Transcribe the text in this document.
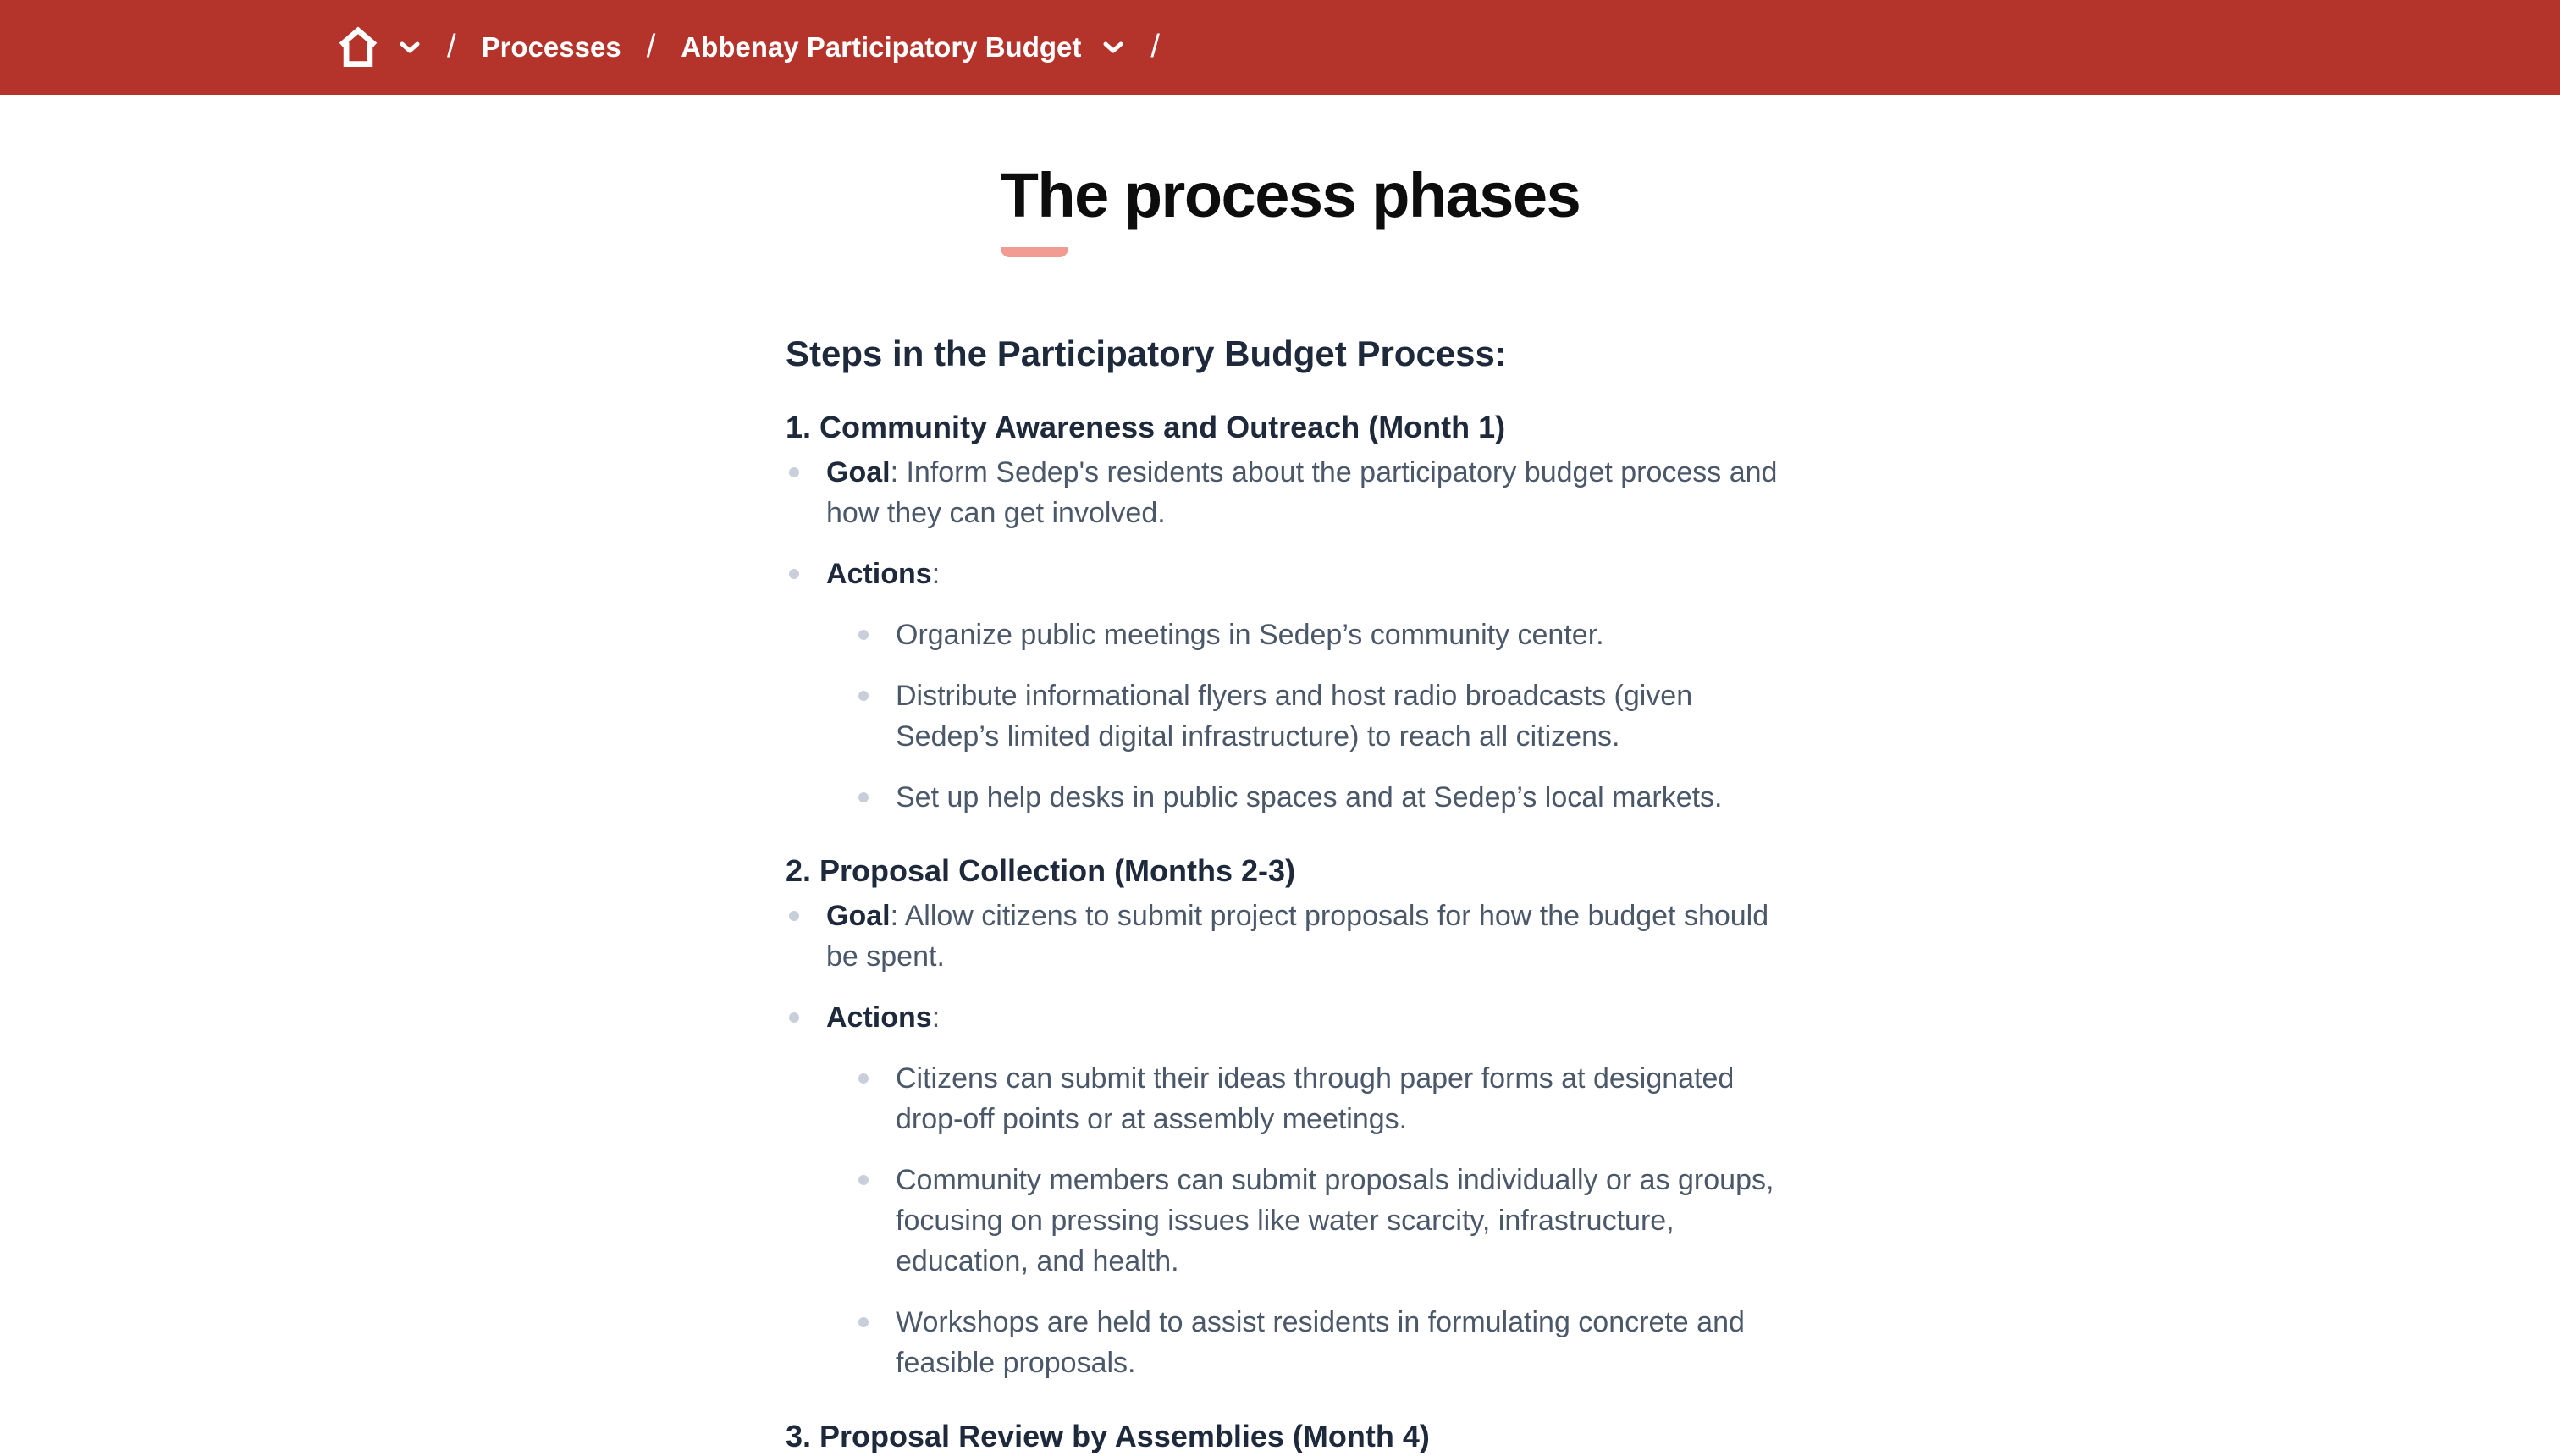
/ Processes / Abbenay Participatory Budget /
The process phases
Steps in the Participatory Budget Process:
1. Community Awareness and Outreach (Month 1)
Goal: Inform Sedep's residents about the participatory budget process and how they can get involved.
Actions:
Organize public meetings in Sedep’s community center.
Distribute informational flyers and host radio broadcasts (given Sedep’s limited digital infrastructure) to reach all citizens.
Set up help desks in public spaces and at Sedep’s local markets.
2. Proposal Collection (Months 2-3)
Goal: Allow citizens to submit project proposals for how the budget should be spent.
Actions:
Citizens can submit their ideas through paper forms at designated drop-off points or at assembly meetings.
Community members can submit proposals individually or as groups, focusing on pressing issues like water scarcity, infrastructure, education, and health.
Workshops are held to assist residents in formulating concrete and feasible proposals.
3. Proposal Review by Assemblies (Month 4)
